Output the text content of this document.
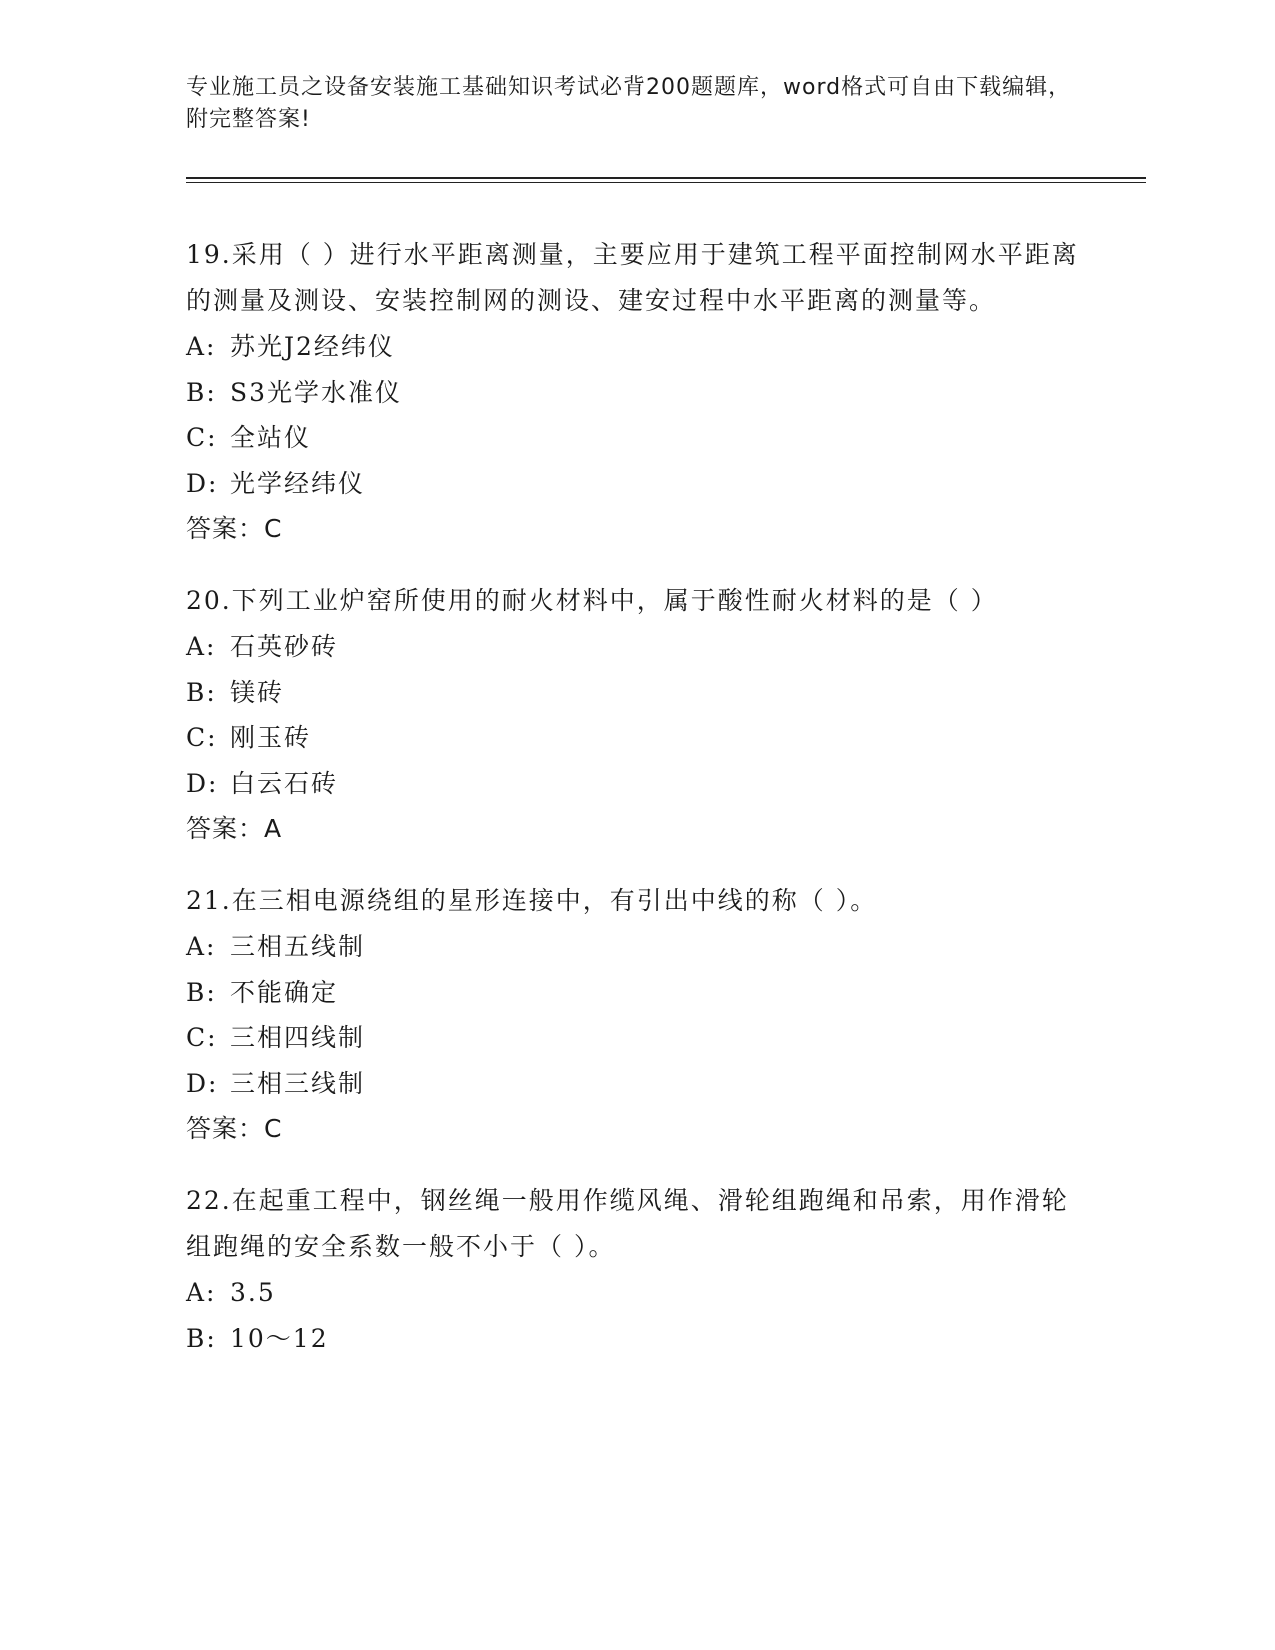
专业施工员之设备安装施工基础知识考试必背200题题库，word格式可自由下载编辑，附完整答案!
19.采用（ ）进行水平距离测量，主要应用于建筑工程平面控制网水平距离的测量及测设、安装控制网的测设、建安过程中水平距离的测量等。
A: 苏光J2经纬仪
B: S3光学水准仪
C: 全站仪
D: 光学经纬仪
答案：C
20.下列工业炉窑所使用的耐火材料中，属于酸性耐火材料的是（ ）
A: 石英砂砖
B: 镁砖
C: 刚玉砖
D: 白云石砖
答案：A
21.在三相电源绕组的星形连接中，有引出中线的称（ ）。
A: 三相五线制
B: 不能确定
C: 三相四线制
D: 三相三线制
答案：C
22.在起重工程中，钢丝绳一般用作缆风绳、滑轮组跑绳和吊索，用作滑轮组跑绳的安全系数一般不小于（ ）。
A: 3.5
B: 10～12
